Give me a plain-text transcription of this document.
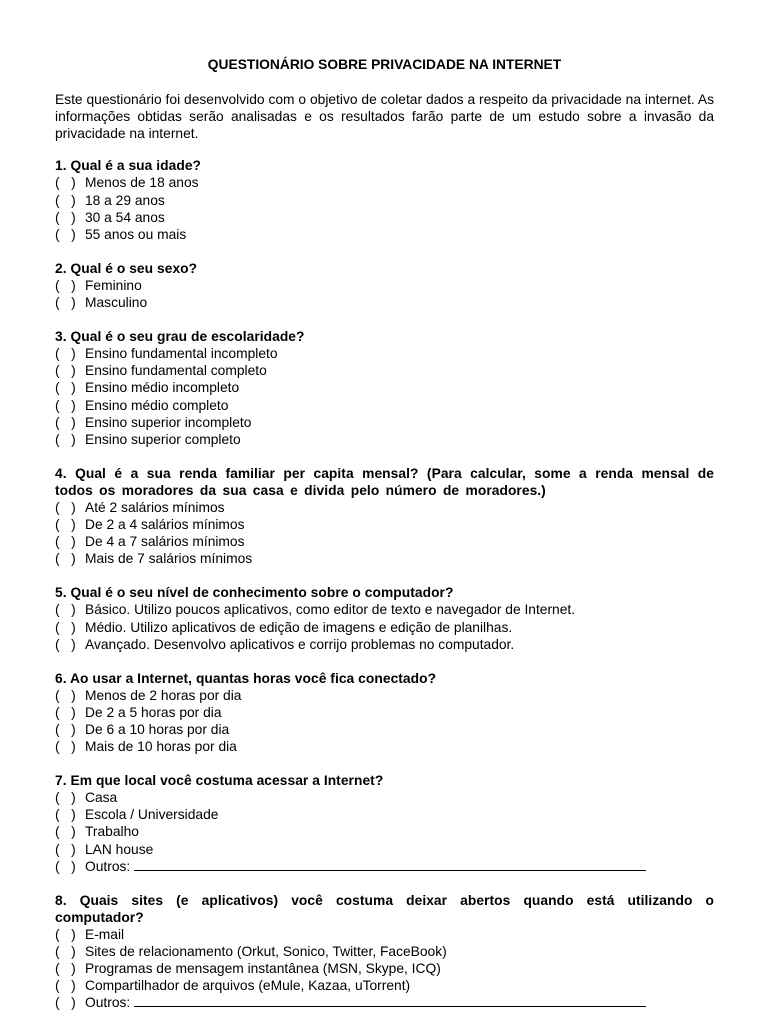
QUESTIONÁRIO SOBRE PRIVACIDADE NA INTERNET
Este questionário foi desenvolvido com o objetivo de coletar dados a respeito da privacidade na internet. As informações obtidas serão analisadas e os resultados farão parte de um estudo sobre a invasão da privacidade na internet.
1. Qual é a sua idade?
(   ) Menos de 18 anos
(   ) 18 a 29 anos
(   ) 30 a 54 anos
(   ) 55 anos ou mais
2. Qual é o seu sexo?
(   ) Feminino
(   ) Masculino
3. Qual é o seu grau de escolaridade?
(   ) Ensino fundamental incompleto
(   ) Ensino fundamental completo
(   ) Ensino médio incompleto
(   ) Ensino médio completo
(   ) Ensino superior incompleto
(   ) Ensino superior completo
4. Qual é a sua renda familiar per capita mensal? (Para calcular, some a renda mensal de todos os moradores da sua casa e divida pelo número de moradores.)
(   ) Até 2 salários mínimos
(   ) De 2 a 4 salários mínimos
(   ) De 4 a 7 salários mínimos
(   ) Mais de 7 salários mínimos
5. Qual é o seu nível de conhecimento sobre o computador?
(   ) Básico. Utilizo poucos aplicativos, como editor de texto e navegador de Internet.
(   ) Médio. Utilizo aplicativos de edição de imagens e edição de planilhas.
(   ) Avançado. Desenvolvo aplicativos e corrijo problemas no computador.
6. Ao usar a Internet, quantas horas você fica conectado?
(   ) Menos de 2 horas por dia
(   ) De 2 a 5 horas por dia
(   ) De 6 a 10 horas por dia
(   ) Mais de 10 horas por dia
7. Em que local você costuma acessar a Internet?
(   ) Casa
(   ) Escola / Universidade
(   ) Trabalho
(   ) LAN house
(   ) Outros:
8. Quais sites (e aplicativos) você costuma deixar abertos quando está utilizando o computador?
(   ) E-mail
(   ) Sites de relacionamento (Orkut, Sonico, Twitter, FaceBook)
(   ) Programas de mensagem instantânea (MSN, Skype, ICQ)
(   ) Compartilhador de arquivos (eMule, Kazaa, uTorrent)
(   ) Outros:
